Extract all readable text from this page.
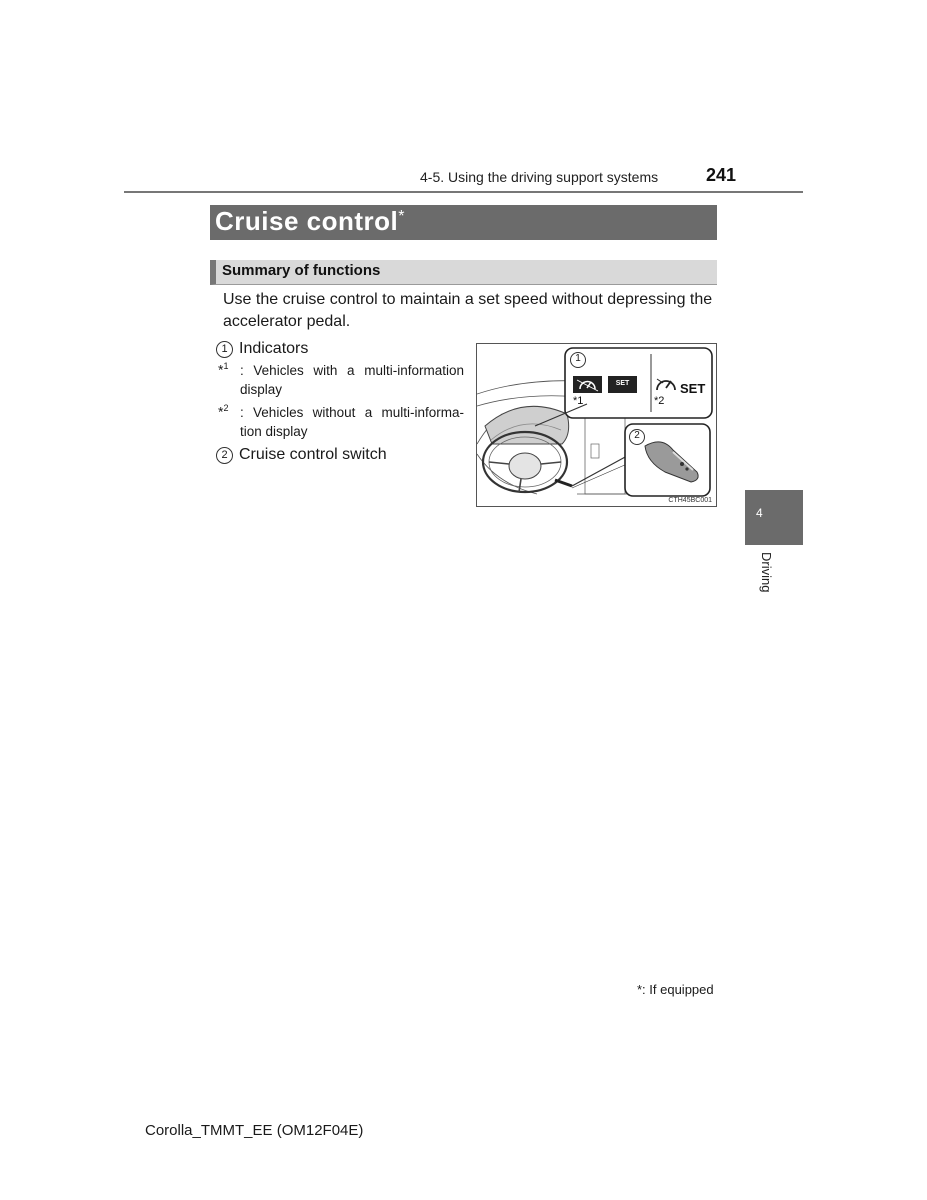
4-5. Using the driving support systems	241
Cruise control*
Summary of functions
Use the cruise control to maintain a set speed without depressing the accelerator pedal.
1 Indicators
*$^1$ : Vehicles with a multi-information
display
*$^2$ : Vehicles without a multi-informa-
tion display
2 Cruise control switch
1
SET	SET
*1	*2
2
CTH45BC001
4
Driving
*: If equipped
Corolla_TMMT_EE (OM12F04E)
